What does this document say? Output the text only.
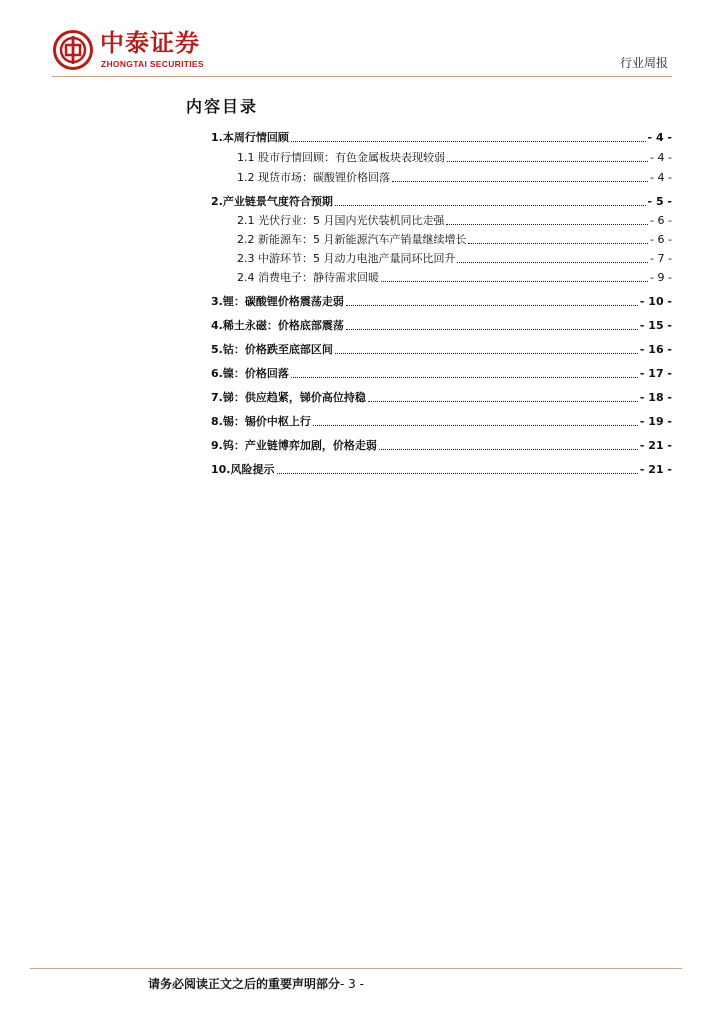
中泰证券
ZHONGTAI SECURITIES	行业周报
内容目录
1.本周行情回顾	- 4 -
1.1 股市行情回顾：有色金属板块表现较弱	- 4 -
1.2 现货市场：碳酸锂价格回落	- 4 -
2.产业链景气度符合预期	- 5 -
2.1 光伏行业：5 月国内光伏装机同比走强	- 6 -
2.2 新能源车：5 月新能源汽车产销量继续增长	- 6 -
2.3 中游环节：5 月动力电池产量同环比回升	- 7 -
2.4 消费电子：静待需求回暖	- 9 -
3.锂：碳酸锂价格震荡走弱	- 10 -
4.稀土永磁：价格底部震荡	- 15 -
5.钴：价格跌至底部区间	- 16 -
6.镍：价格回落	- 17 -
7.锑：供应趋紧，锑价高位持稳	- 18 -
8.锡：锡价中枢上行	- 19 -
9.钨：产业链博弈加剧，价格走弱	- 21 -
10.风险提示	- 21 -
请务必阅读正文之后的重要声明部分- 3 -
